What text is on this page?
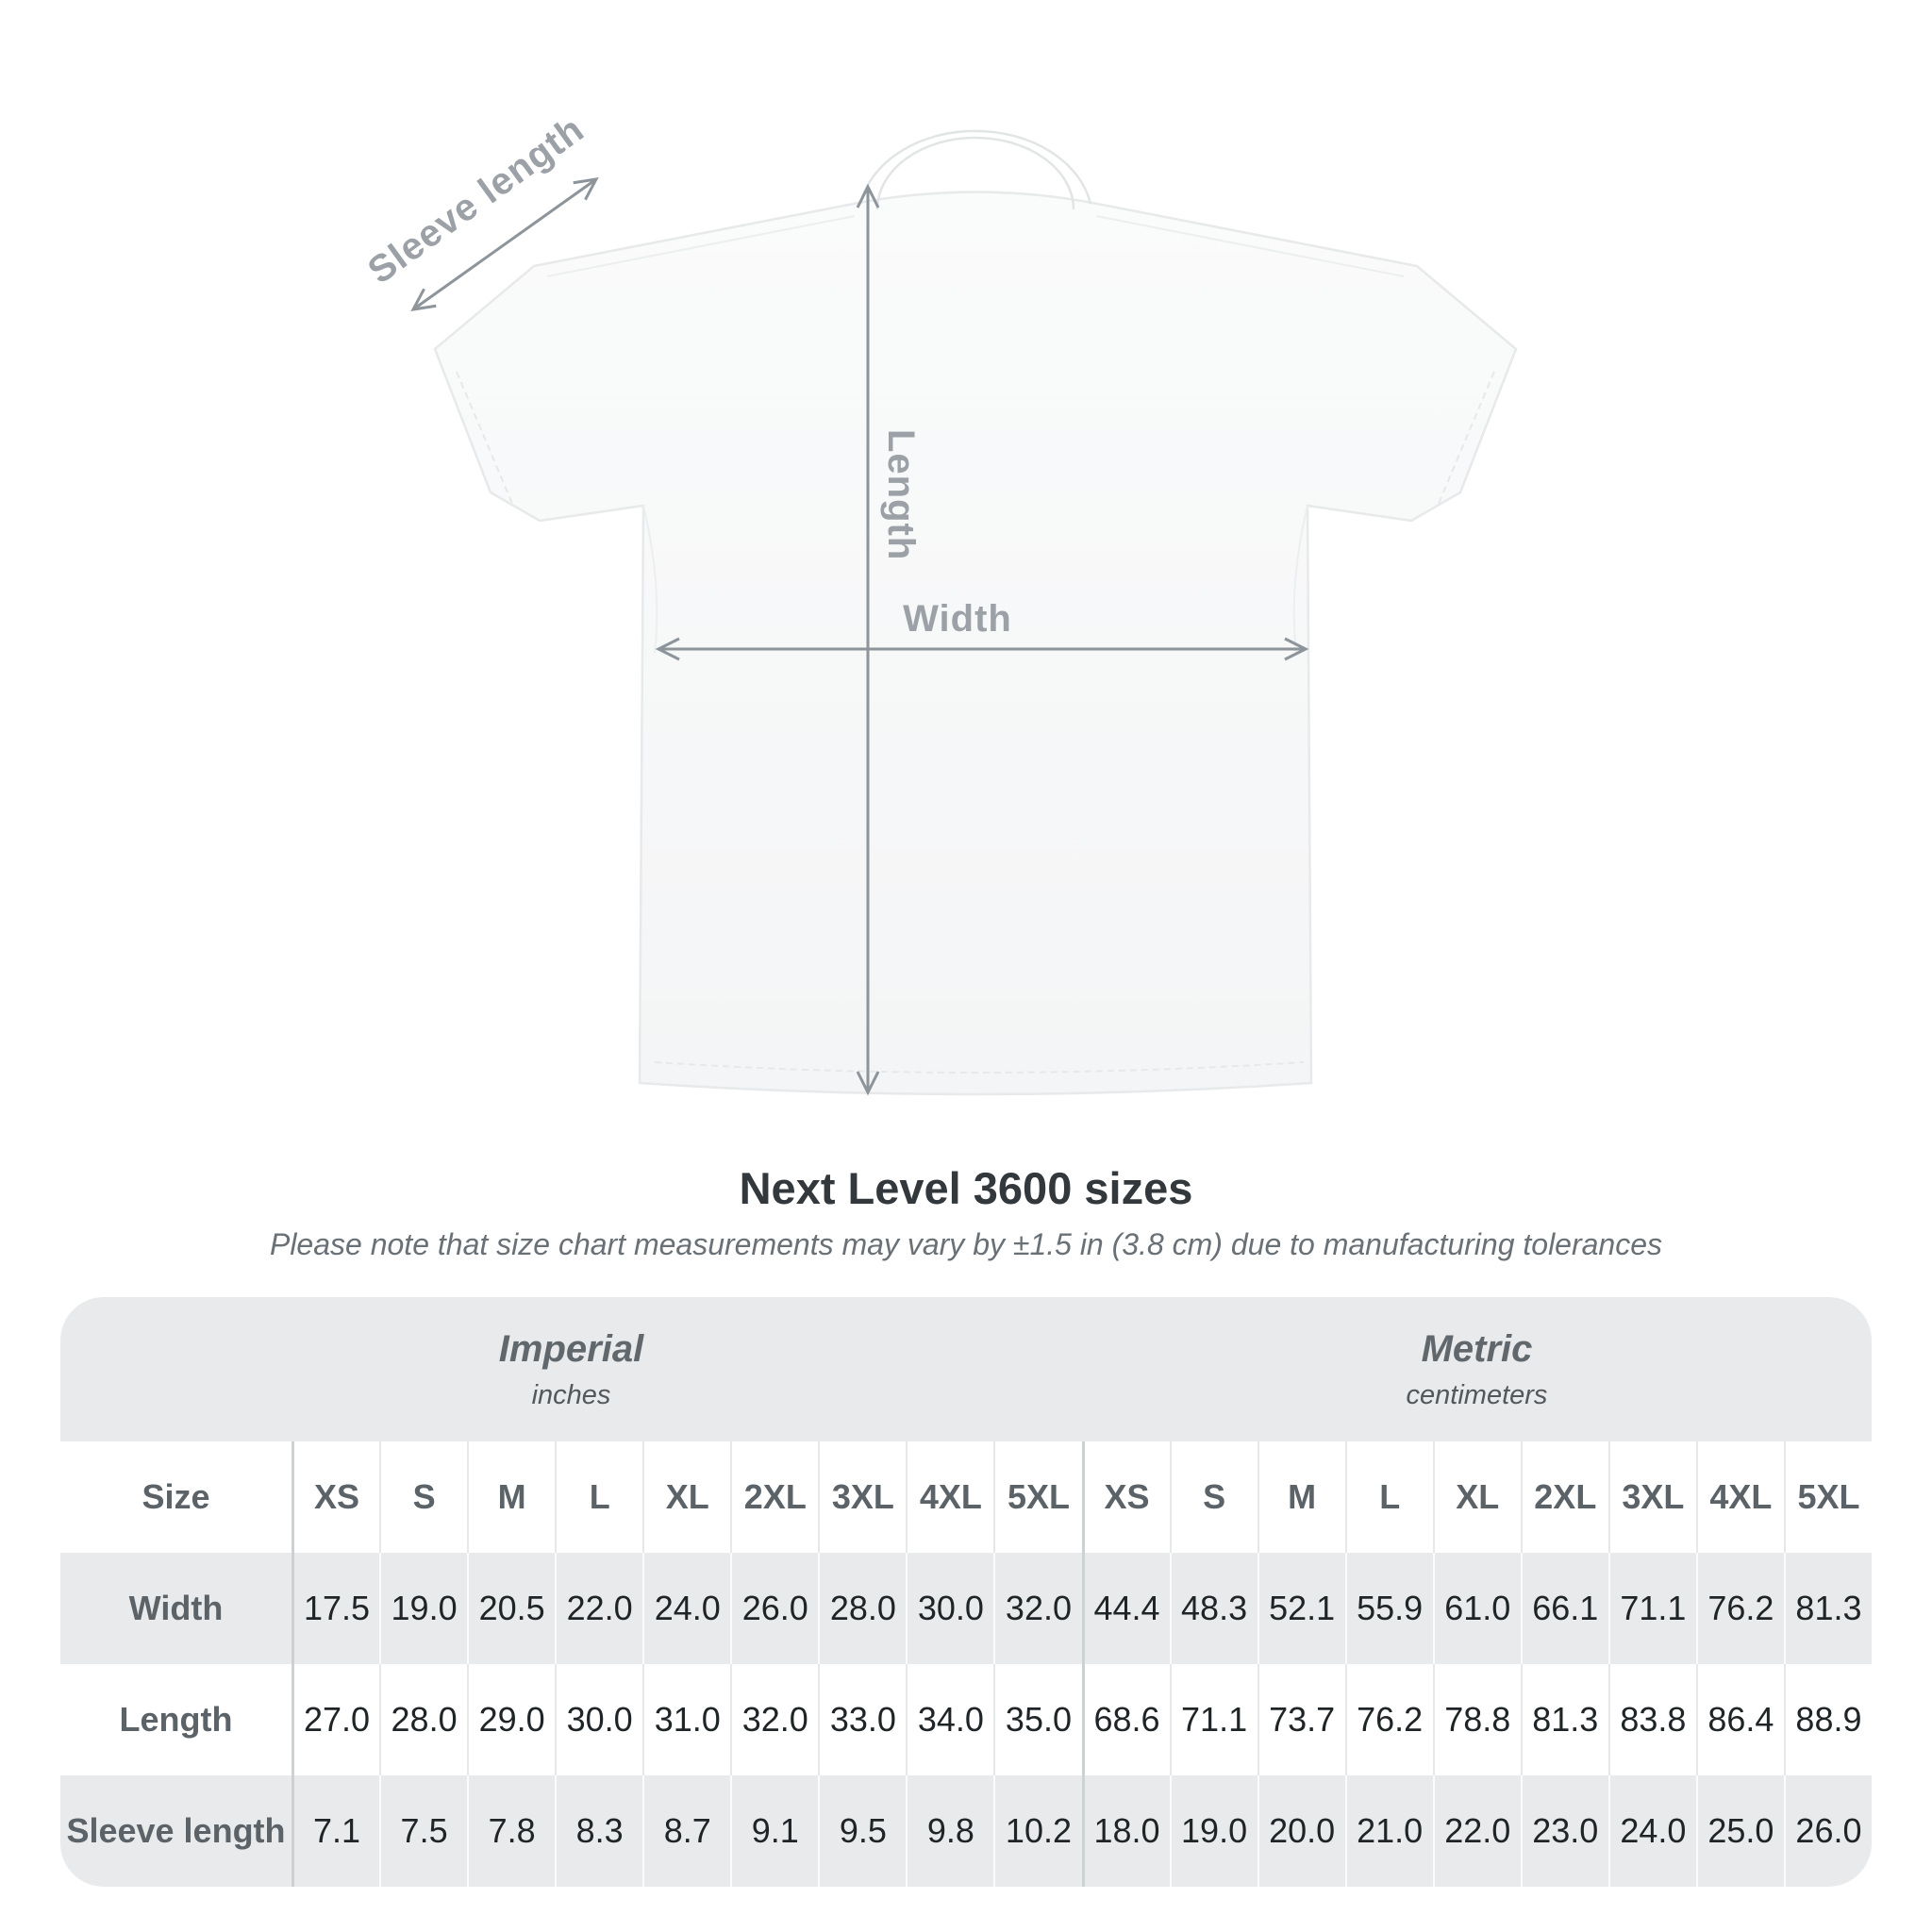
Sleeve length
Length
Width
Next Level 3600 sizes
Please note that size chart measurements may vary by ±1.5 in (3.8 cm) due to manufacturing tolerances
Imperial
inches
Metric
centimeters
Size	XS	S	M	L	XL	2XL 3XL 4XL 5XL	XS	S	M	L	XL	2XL 3XL 4XL 5XL
Width	17.5 19.0 20.5 22.0 24.0 26.0 28.0 30.0 32.0 44.4 48.3 52.1 55.9 61.0 66.1 71.1 76.2 81.3
Length	27.0 28.0 29.0 30.0 31.0 32.0 33.0 34.0 35.0 68.6 71.1 73.7 76.2 78.8 81.3 83.8 86.4 88.9
Sleeve length 7.1	7.5	7.8	8.3	8.7	9.1	9.5	9.8 10.2 18.0 19.0 20.0 21.0 22.0 23.0 24.0 25.0 26.0
